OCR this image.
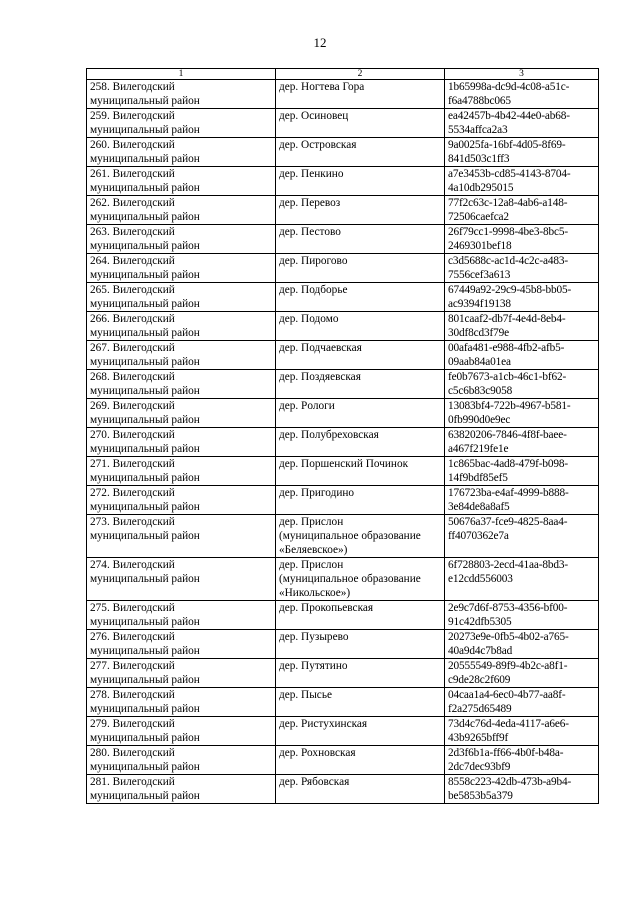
12
1	2	3

258. Вилегодский
муниципальный район	дер. Ногтева Гора	1b65998a-dc9d-4c08-a51c-
f6a4788bc065

259. Вилегодский
муниципальный район	дер. Осиновец	ea42457b-4b42-44e0-ab68-
5534affca2a3

260. Вилегодский
муниципальный район	дер. Островская	9a0025fa-16bf-4d05-8f69-
841d503c1ff3

261. Вилегодский
муниципальный район	дер. Пенкино	a7e3453b-cd85-4143-8704-
4a10db295015

262. Вилегодский
муниципальный район	дер. Перевоз	77f2c63c-12a8-4ab6-a148-
72506caefca2

263. Вилегодский
муниципальный район	дер. Пестово	26f79cc1-9998-4be3-8bc5-
2469301bef18

264. Вилегодский
муниципальный район	дер. Пирогово	c3d5688c-ac1d-4c2c-a483-
7556cef3a613

265. Вилегодский
муниципальный район	дер. Подборье	67449a92-29c9-45b8-bb05-
ac9394f19138

266. Вилегодский
муниципальный район	дер. Подомо	801caaf2-db7f-4e4d-8eb4-
30df8cd3f79e

267. Вилегодский
муниципальный район	дер. Подчаевская	00afa481-e988-4fb2-afb5-
09aab84a01ea

268. Вилегодский
муниципальный район	дер. Поздяевская	fe0b7673-a1cb-46c1-bf62-
c5c6b83c9058

269. Вилегодский
муниципальный район	дер. Pологи	13083bf4-722b-4967-b581-
0fb990d0e9ec

270. Вилегодский
муниципальный район	дер. Полубреховская	63820206-7846-4f8f-baee-
a467f219fe1e

271. Вилегодский
муниципальный район	дер. Поршенский Починок	1c865bac-4ad8-479f-b098-
14f9bdf85ef5

272. Вилегодский
муниципальный район	дер. Пригодино	176723ba-e4af-4999-b888-
3e84de8a8af5

273. Вилегодский
муниципальный район	дер. Прислон
(муниципальное образование
«Беляевское»)	50676a37-fce9-4825-8aa4-
ff4070362e7a

274. Вилегодский
муниципальный район	дер. Прислон
(муниципальное образование
«Никольское»)	6f728803-2ecd-41aa-8bd3-
e12cdd556003

275. Вилегодский
муниципальный район	дер. Прокопьевская	2e9c7d6f-8753-4356-bf00-
91c42dfb5305

276. Вилегодский
муниципальный район	дер. Пузырево	20273e9e-0fb5-4b02-a765-
40a9d4c7b8ad

277. Вилегодский
муниципальный район	дер. Путятино	20555549-89f9-4b2c-a8f1-
c9de28c2f609

278. Вилегодский
муниципальный район	дер. Пысье	04caa1a4-6ec0-4b77-aa8f-
f2a275d65489

279. Вилегодский
муниципальный район	дер. Ристухинская	73d4c76d-4eda-4117-a6e6-
43b9265bff9f

280. Вилегодский
муниципальный район	дер. Рохновская	2d3f6b1a-ff66-4b0f-b48a-
2dc7dec93bf9

281. Вилегодский
муниципальный район	дер. Рябовская	8558c223-42db-473b-a9b4-
be5853b5a379
